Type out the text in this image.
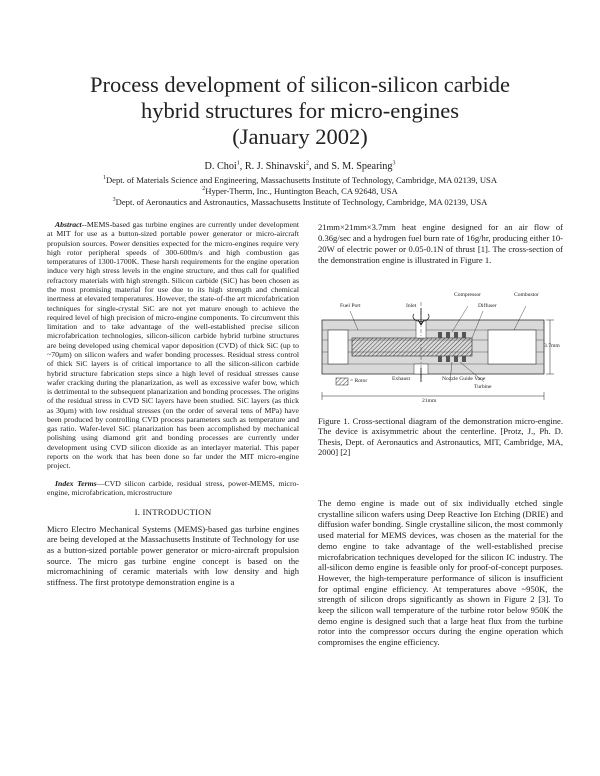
Process development of silicon-silicon carbide
hybrid structures for micro-engines
(January 2002)
D. Choi$^1$, R. J. Shinavski$^2$, and S. M. Spearing$^3$
$^1$Dept. of Materials Science and Engineering, Massachusetts Institute of Technology, Cambridge, MA 02139, USA
$^2$Hyper-Therm, Inc., Huntington Beach, CA 92648, USA
$^3$Dept. of Aeronautics and Astronautics, Massachusetts Institute of Technology, Cambridge, MA 02139, USA

Abstract--MEMS-based gas turbine engines are currently under development at MIT for use as a button-sized portable power generator or micro-aircraft propulsion sources. Power densities expected for the micro-engines require very high rotor peripheral speeds of 300-600m/s and high combustion gas temperatures of 1300-1700K. These harsh requirements for the engine operation induce very high stress levels in the engine structure, and thus call for qualified refractory materials with high strength. Silicon carbide (SiC) has been chosen as the most promising material for use due to its high strength and chemical inertness at elevated temperatures. However, the state-of-the art microfabrication techniques for single-crystal SiC are not yet mature enough to achieve the required level of high precision of micro-engine components. To circumvent this limitation and to take advantage of the well-established precise silicon microfabrication technologies, silicon-silicon carbide hybrid turbine structures are being developed using chemical vapor deposition (CVD) of thick SiC (up to ~70μm) on silicon wafers and wafer bonding processes. Residual stress control of thick SiC layers is of critical importance to all the silicon-silicon carbide hybrid structure fabrication steps since a high level of residual stresses cause wafer cracking during the planarization, as well as excessive wafer bow, which is detrimental to the subsequent planarization and bonding processes. The origins of the residual stress in CVD SiC layers have been studied. SiC layers (as thick as 30μm) with low residual stresses (on the order of several tens of MPa) have been produced by controlling CVD process parameters such as temperature and gas ratio. Wafer-level SiC planarization has been accomplished by mechanical polishing using diamond grit and bonding processes are currently under development using CVD silicon dioxide as an interlayer material. This paper reports on the work that has been done so far under the MIT micro-engine project.

Index Terms—CVD silicon carbide, residual stress, power-MEMS, micro-engine, microfabrication, microstructure

I. INTRODUCTION

Micro Electro Mechanical Systems (MEMS)-based gas turbine engines are being developed at the Massachusetts Institute of Technology for use as a button-sized portable power generator or micro-aircraft propulsion source. The micro gas turbine engine concept is based on the micromachining of ceramic materials with low density and high stiffness. The first prototype demonstration engine is a

21mm×21mm×3.7mm heat engine designed for an air flow of 0.36g/sec and a hydrogen fuel burn rate of 16g/hr, producing either 10-20W of electric power or 0.05-0.1N of thrust [1]. The cross-section of the demonstration engine is illustrated in Figure 1.

Compressor	Combustor
Fuel Port	Inlet	Diffuser
3.7mm
Exhaust	Nozzle Guide Vane
= Rotor
Turbine
21mm

Figure 1. Cross-sectional diagram of the demonstration micro-engine. The device is axisymmetric about the centerline. [Protz, J., Ph. D. Thesis, Dept. of Aeronautics and Astronautics, MIT, Cambridge, MA, 2000] [2]

The demo engine is made out of six individually etched single crystalline silicon wafers using Deep Reactive Ion Etching (DRIE) and diffusion wafer bonding. Single crystalline silicon, the most commonly used material for MEMS devices, was chosen as the material for the demo engine to take advantage of the well-established precise microfabrication techniques developed for the silicon IC industry. The all-silicon demo engine is feasible only for proof-of-concept purposes. However, the high-temperature performance of silicon is insufficient for optimal engine efficiency. At temperatures above ~950K, the strength of silicon drops significantly as shown in Figure 2 [3]. To keep the silicon wall temperature of the turbine rotor below 950K the demo engine is designed such that a large heat flux from the turbine rotor into the compressor occurs during the engine operation which compromises the engine efficiency.
